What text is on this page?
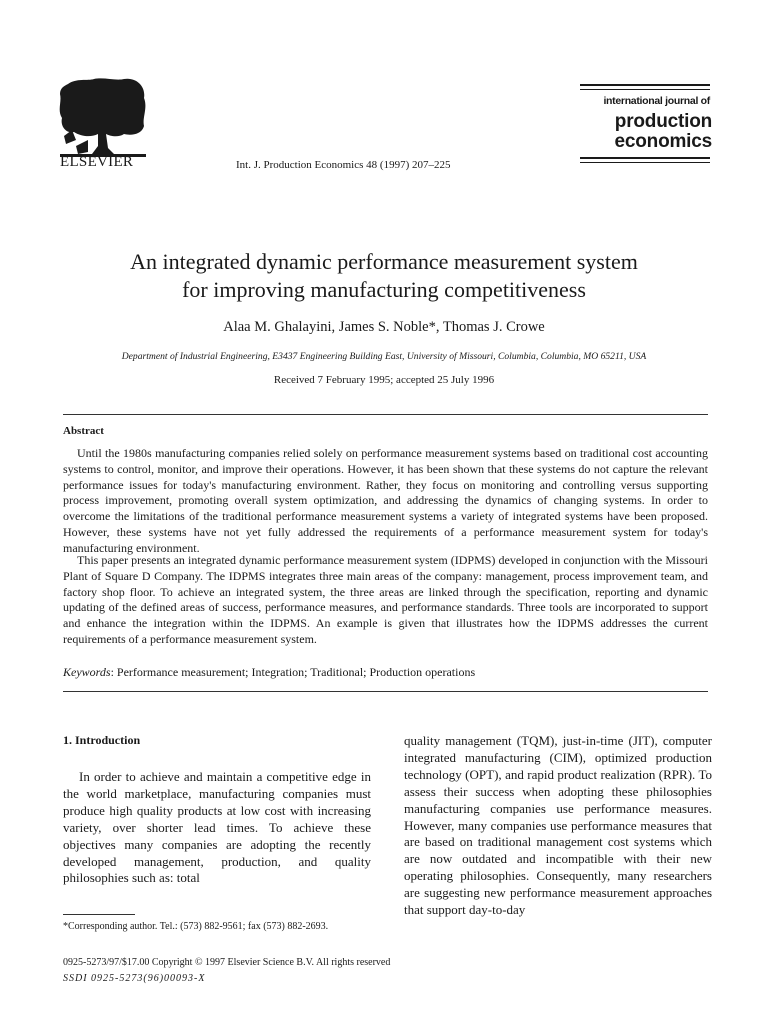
ELSEVIER	Int. J. Production Economics 48 (1997) 207–225
international journal of
production
economics
An integrated dynamic performance measurement system
for improving manufacturing competitiveness
Alaa M. Ghalayini, James S. Noble*, Thomas J. Crowe
Department of Industrial Engineering, E3437 Engineering Building East, University of Missouri, Columbia, Columbia, MO 65211, USA
Received 7 February 1995; accepted 25 July 1996
Abstract

Until the 1980s manufacturing companies relied solely on performance measurement systems based on traditional cost accounting systems to control, monitor, and improve their operations. However, it has been shown that these systems do not capture the relevant performance issues for today's manufacturing environment. Rather, they focus on monitoring and controlling versus supporting process improvement, promoting overall system optimization, and addressing the dynamics of changing systems. In order to overcome the limitations of the traditional performance measurement systems a variety of integrated systems have been proposed. However, these systems have not yet fully addressed the requirements of a performance measurement system for today's manufacturing environment.

This paper presents an integrated dynamic performance measurement system (IDPMS) developed in conjunction with the Missouri Plant of Square D Company. The IDPMS integrates three main areas of the company: management, process improvement team, and factory shop floor. To achieve an integrated system, the three areas are linked through the specification, reporting and dynamic updating of the defined areas of success, performance measures, and performance standards. Three tools are incorporated to support and enhance the integration within the IDPMS. An example is given that illustrates how the IDPMS addresses the current requirements of a performance measurement system.

Keywords: Performance measurement; Integration; Traditional; Production operations
1. Introduction

In order to achieve and maintain a competitive edge in the world marketplace, manufacturing companies must produce high quality products at low cost with increasing variety, over shorter lead times. To achieve these objectives many companies are adopting the recently developed management, production, and quality philosophies such as: total

quality management (TQM), just-in-time (JIT), computer integrated manufacturing (CIM), optimized production technology (OPT), and rapid product realization (RPR). To assess their success when adopting these philosophies manufacturing companies use performance measures. However, many companies use performance measures that are based on traditional management cost systems which are now outdated and incompatible with their new operating philosophies. Consequently, many researchers are suggesting new performance measurement approaches that support day-to-day

*Corresponding author. Tel.: (573) 882-9561; fax (573) 882-2693.
0925-5273/97/$17.00 Copyright © 1997 Elsevier Science B.V. All rights reserved
SSDI 0925-5273(96)00093-X
